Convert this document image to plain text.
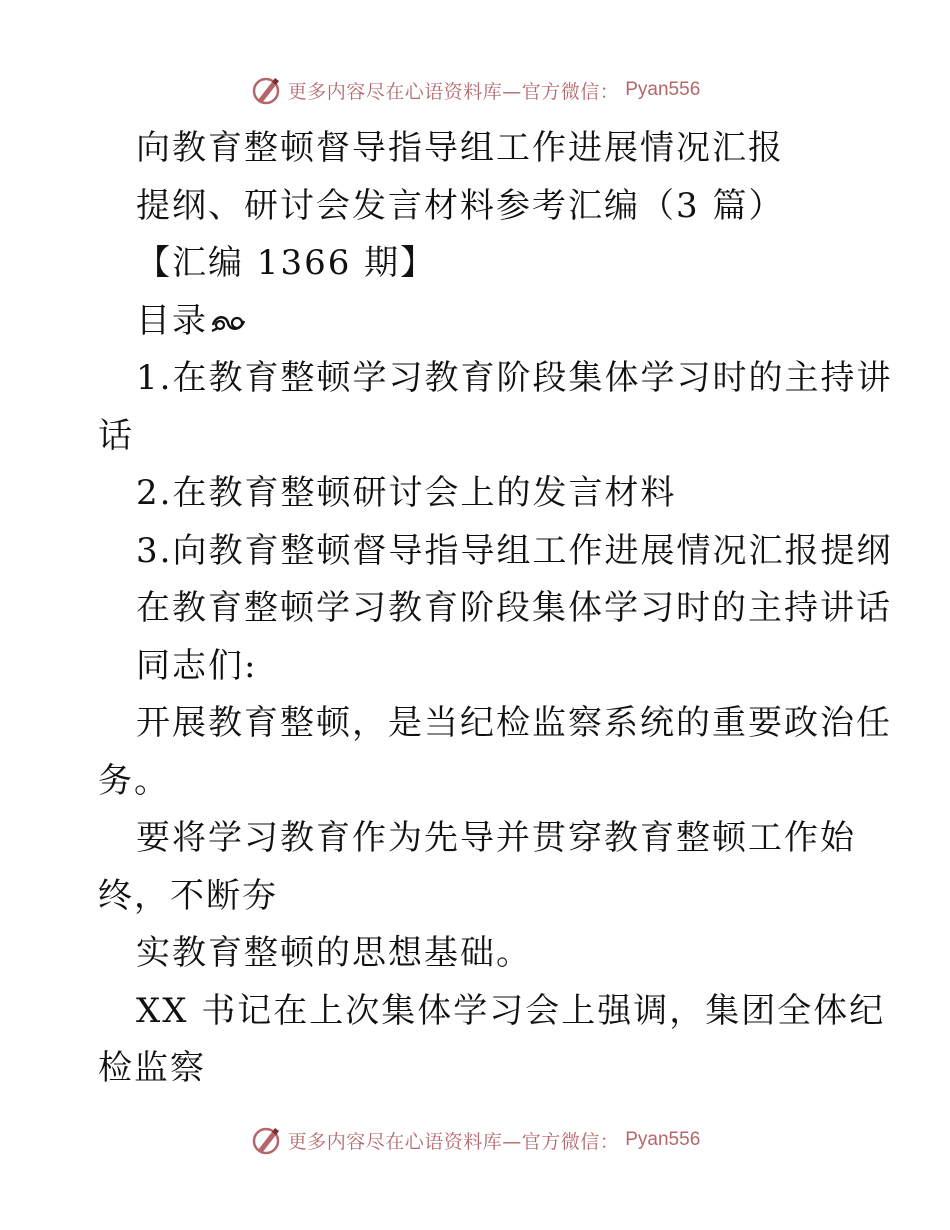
更多内容尽在心语资料库—官方微信： Pyan556
向教育整顿督导指导组工作进展情况汇报
提纲、研讨会发言材料参考汇编（3 篇）
【汇编 1366 期】
目录
1.在教育整顿学习教育阶段集体学习时的主持讲
话
2.在教育整顿研讨会上的发言材料
3.向教育整顿督导指导组工作进展情况汇报提纲
在教育整顿学习教育阶段集体学习时的主持讲话
同志们:
开展教育整顿，是当纪检监察系统的重要政治任
务。
要将学习教育作为先导并贯穿教育整顿工作始
终，不断夯
实教育整顿的思想基础。
XX 书记在上次集体学习会上强调，集团全体纪
检监察
更多内容尽在心语资料库—官方微信： Pyan556
